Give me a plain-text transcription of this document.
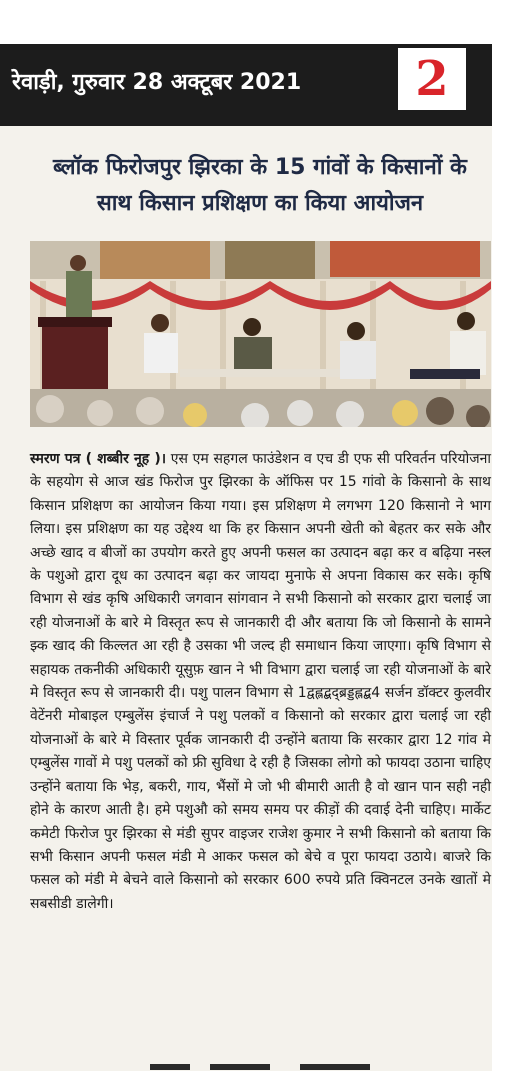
रेवाड़ी, गुरुवार 28 अक्टूबर 2021 2
ब्लॉक फिरोजपुर झिरका के 15 गांवों के किसानों के
साथ किसान प्रशिक्षण का किया आयोजन
स्मरण पत्र ( शब्बीर नूह )। एस एम सहगल फाउंडेशन व एच डी एफ सी परिवर्तन परियोजना के सहयोग से आज खंड फिरोज पुर झिरका के ऑफिस पर 15 गांवो के किसानो के साथ किसान प्रशिक्षण का आयोजन किया गया। इस प्रशिक्षण मे लगभग 120 किसानो ने भाग लिया। इस प्रशिक्षण का यह उद्देश्य था कि हर किसान अपनी खेती को बेहतर कर सके और अच्छे खाद व बीजों का उपयोग करते हुए अपनी फसल का उत्पादन बढ़ा कर व बढ़िया नस्ल के पशुओ द्वारा दूध का उत्पादन बढ़ा कर जायदा मुनाफे से अपना विकास कर सके। कृषि विभाग से खंड कृषि अधिकारी जगवान सांगवान ने सभी किसानो को सरकार द्वारा चलाई जा रही योजनाओं के बारे मे विस्तृत रूप से जानकारी दी और बताया कि जो किसानो के सामने झ्क खाद की किल्लत आ रही है उसका भी जल्द ही समाधान किया जाएगा। कृषि विभाग से सहायक तकनीकी अधिकारी यूसुफ़ खान ने भी विभाग द्वारा चलाई जा रही योजनाओं के बारे मे विस्तृत रूप से जानकारी दी। पशु पालन विभाग से 1द्वह्लद्बद्ब्रड्डह्लद्ब4 सर्जन डॉक्टर कुलवीर वेटेंनरी मोबाइल एम्बुलेंस इंचार्ज ने पशु पलकों व किसानो को सरकार द्वारा चलाई जा रही योजनाओं के बारे मे विस्तार पूर्वक जानकारी दी उन्होंने बताया कि सरकार द्वारा 12 गांव मे एम्बुलेंस गावों मे पशु पलकों को फ्री सुविधा दे रही है जिसका लोगो को फायदा उठाना चाहिए उन्होंने बताया कि भेड़, बकरी, गाय, भैंसों मे जो भी बीमारी आती है वो खान पान सही नही होने के कारण आती है। हमे पशुऔ को समय समय पर कीड़ों की दवाई देनी चाहिए। मार्केट कमेटी फिरोज पुर झिरका से मंडी सुपर वाइजर राजेश कुमार ने सभी किसानो को बताया कि सभी किसान अपनी फसल मंडी मे आकर फसल को बेचे व पूरा फायदा उठाये। बाजरे कि फसल को मंडी मे बेचने वाले किसानो को सरकार 600 रुपये प्रति क्विनटल उनके खातों मे सबसीडी डालेगी।
